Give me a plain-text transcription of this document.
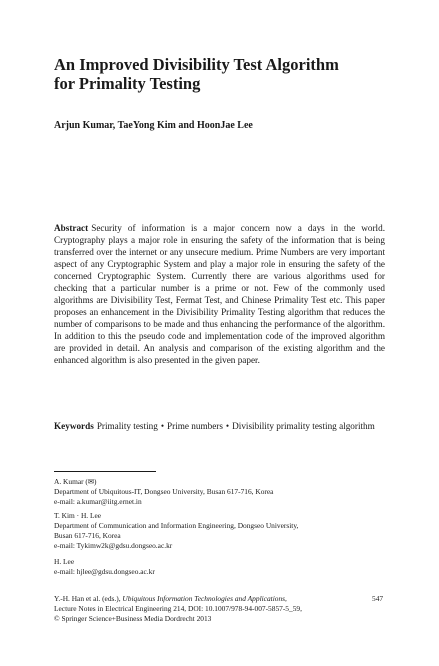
An Improved Divisibility Test Algorithm
for Primality Testing
Arjun Kumar, TaeYong Kim and HoonJae Lee

Abstract Security of information is a major concern now a days in the world. Cryptography plays a major role in ensuring the safety of the information that is being transferred over the internet or any unsecure medium. Prime Numbers are very important aspect of any Cryptographic System and play a major role in ensuring the safety of the concerned Cryptographic System. Currently there are various algorithms used for checking that a particular number is a prime or not. Few of the commonly used algorithms are Divisibility Test, Fermat Test, and Chinese Primality Test etc. This paper proposes an enhancement in the Divisibility Primality Testing algorithm that reduces the number of comparisons to be made and thus enhancing the performance of the algorithm. In addition to this the pseudo code and implementation code of the improved algorithm are provided in detail. An analysis and comparison of the existing algorithm and the enhanced algorithm is also presented in the given paper.

Keywords Primality testing • Prime numbers • Divisibility primality testing algorithm

A. Kumar (✉)
Department of Ubiquitous-IT, Dongseo University, Busan 617-716, Korea
e-mail: a.kumar@iitg.ernet.in
T. Kim · H. Lee
Department of Communication and Information Engineering, Dongseo University,
Busan 617-716, Korea
e-mail: Tykimw2k@gdsu.dongseo.ac.kr
H. Lee
e-mail: hjlee@gdsu.dongseo.ac.kr
Y.-H. Han et al. (eds.), Ubiquitous Information Technologies and Applications,
Lecture Notes in Electrical Engineering 214, DOI: 10.1007/978-94-007-5857-5_59,
© Springer Science+Business Media Dordrecht 2013
547
